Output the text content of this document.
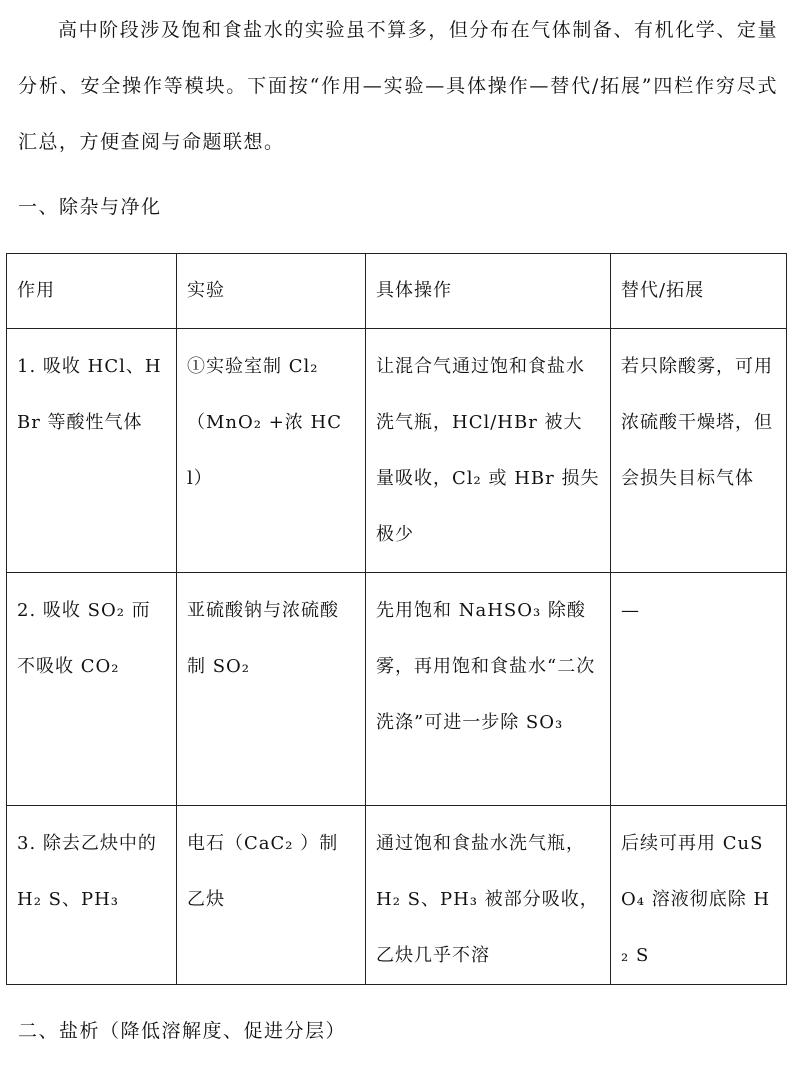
高中阶段涉及饱和食盐水的实验虽不算多，但分布在气体制备、有机化学、定量分析、安全操作等模块。下面按“作用—实验—具体操作—替代/拓展”四栏作穷尽式汇总，方便查阅与命题联想。

一、除杂与净化
作用	实验	具体操作	替代/拓展
1. 吸收 HCl、HBr 等酸性气体	①实验室制 Cl₂（MnO₂ +浓 HCl）	让混合气通过饱和食盐水洗气瓶，HCl/HBr 被大量吸收，Cl₂ 或 HBr 损失极少	若只除酸雾，可用浓硫酸干燥塔，但会损失目标气体
2. 吸收 SO₂ 而不吸收 CO₂	亚硫酸钠与浓硫酸制 SO₂	先用饱和 NaHSO₃ 除酸雾，再用饱和食盐水“二次洗涤”可进一步除 SO₃	—
3. 除去乙炔中的 H₂ S、PH₃	电石（CaC₂ ）制乙炔	通过饱和食盐水洗气瓶，H₂ S、PH₃ 被部分吸收，乙炔几乎不溶	后续可再用 CuSO₄ 溶液彻底除 H₂ S
二、盐析（降低溶解度、促进分层）
